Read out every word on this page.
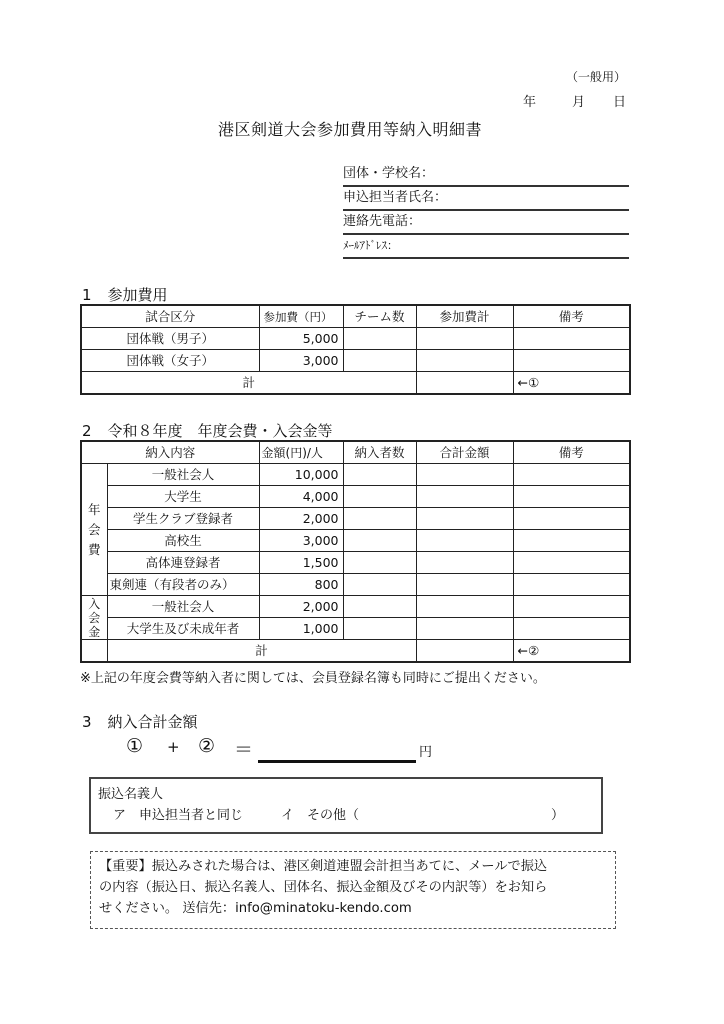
（一般用）
年	月 日
港区剣道大会参加費用等納入明細書
団体・学校名：
申込担当者氏名：
連絡先電話：
ﾒｰﾙｱﾄﾞﾚｽ：
1 参加費用
試合区分	参加費（円）	チーム数	参加費計	備考
団体戦（男子）	5,000			
団体戦（女子）	3,000			
計				←①
2 令和８年度　年度会費・入会金等
納入内容		金額(円)/人	納入者数	合計金額	備考

年
会
費	一般社会人	10,000			
	大学生	4,000			
	学生クラブ登録者	2,000			
	高校生	3,000			
	高体連登録者	1,500			
	東剣連（有段者のみ）	800			

入
会
金	一般社会人	2,000			
	大学生及び未成年者	1,000			
	計				←②
※上記の年度会費等納入者に関しては、会員登録名簿も同時にご提出ください。
3 納入合計金額
① + ② ＝	円
振込名義人
ア　申込担当者と同じ	イ　その他（	）
【重要】振込みされた場合は、港区剣道連盟会計担当あてに、メールで振込
の内容（振込日、振込名義人、団体名、振込金額及びその内訳等）をお知ら
せください。 送信先：info@minatoku-kendo.com
